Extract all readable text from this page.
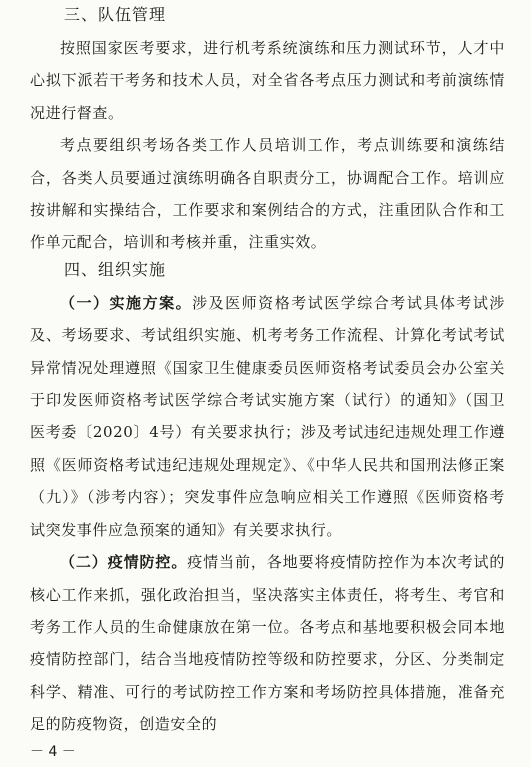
三、队伍管理

按照国家医考要求，进行机考系统演练和压力测试环节，人才中心拟下派若干考务和技术人员，对全省各考点压力测试和考前演练情况进行督查。

考点要组织考场各类工作人员培训工作，考点训练要和演练结合，各类人员要通过演练明确各自职责分工，协调配合工作。培训应按讲解和实操结合，工作要求和案例结合的方式，注重团队合作和工作单元配合，培训和考核并重，注重实效。

四、组织实施

（一）实施方案。涉及医师资格考试医学综合考试具体考试涉及、考场要求、考试组织实施、机考考务工作流程、计算化考试考试异常情况处理遵照《国家卫生健康委员医师资格考试委员会办公室关于印发医师资格考试医学综合考试实施方案（试行）的通知》（国卫医考委〔2020〕4号）有关要求执行；涉及考试违纪违规处理工作遵照《医师资格考试违纪违规处理规定》、《中华人民共和国刑法修正案（九）》（涉考内容）；突发事件应急响应相关工作遵照《医师资格考试突发事件应急预案的通知》有关要求执行。

（二）疫情防控。疫情当前，各地要将疫情防控作为本次考试的核心工作来抓，强化政治担当，坚决落实主体责任，将考生、考官和考务工作人员的生命健康放在第一位。各考点和基地要积极会同本地疫情防控部门，结合当地疫情防控等级和防控要求，分区、分类制定科学、精准、可行的考试防控工作方案和考场防控具体措施，准备充足的防疫物资，创造安全的

－ 4 －
